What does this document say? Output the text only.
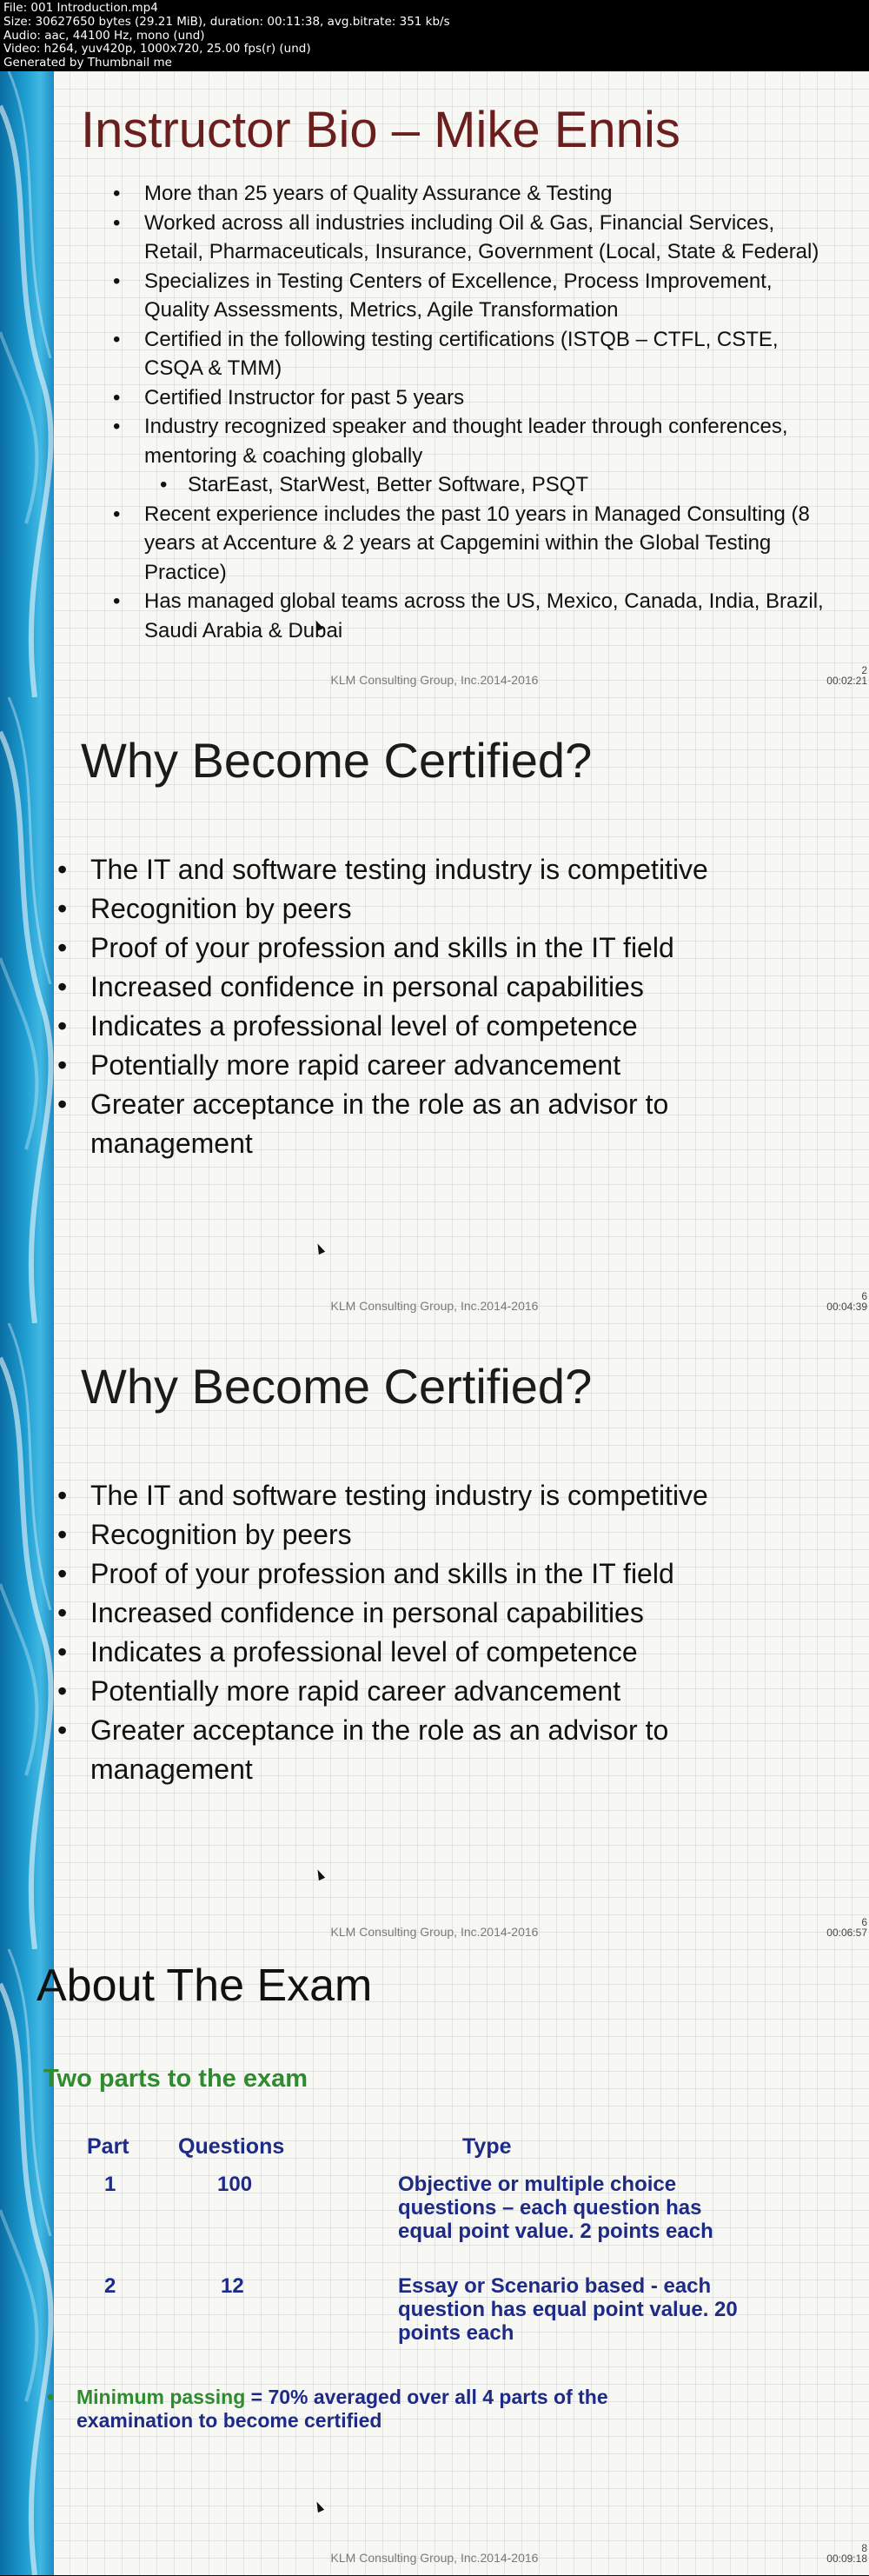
File: 001 Introduction.mp4
Size: 30627650 bytes (29.21 MiB), duration: 00:11:38, avg.bitrate: 351 kb/s
Audio: aac, 44100 Hz, mono (und)
Video: h264, yuv420p, 1000x720, 25.00 fps(r) (und)
Generated by Thumbnail me
Instructor Bio – Mike Ennis
• More than 25 years of Quality Assurance & Testing
• Worked across all industries including Oil & Gas, Financial Services, Retail, Pharmaceuticals, Insurance, Government (Local, State & Federal)
• Specializes in Testing Centers of Excellence, Process Improvement, Quality Assessments, Metrics, Agile Transformation
• Certified in the following testing certifications (ISTQB – CTFL, CSTE, CSQA & TMM)
• Certified Instructor for past 5 years
• Industry recognized speaker and thought leader through conferences, mentoring & coaching globally
• StarEast, StarWest, Better Software, PSQT
• Recent experience includes the past 10 years in Managed Consulting (8 years at Accenture & 2 years at Capgemini within the Global Testing Practice)
• Has managed global teams across the US, Mexico, Canada, India, Brazil, Saudi Arabia & Dubai
KLM Consulting Group, Inc.2014-2016
2
00:02:21
Why Become Certified?
• The IT and software testing industry is competitive
• Recognition by peers
• Proof of your profession and skills in the IT field
• Increased confidence in personal capabilities
• Indicates a professional level of competence
• Potentially more rapid career advancement
• Greater acceptance in the role as an advisor to management
KLM Consulting Group, Inc.2014-2016
6
00:04:39
Why Become Certified?
• The IT and software testing industry is competitive
• Recognition by peers
• Proof of your profession and skills in the IT field
• Increased confidence in personal capabilities
• Indicates a professional level of competence
• Potentially more rapid career advancement
• Greater acceptance in the role as an advisor to management
KLM Consulting Group, Inc.2014-2016
6
00:06:57
About The Exam
Two parts to the exam
Part Questions	Type
1	100	Objective or multiple choice questions – each question has equal point value. 2 points each
2	12	Essay or Scenario based - each question has equal point value. 20 points each
• Minimum passing = 70% averaged over all 4 parts of the examination to become certified
KLM Consulting Group, Inc.2014-2016
8
00:09:18
